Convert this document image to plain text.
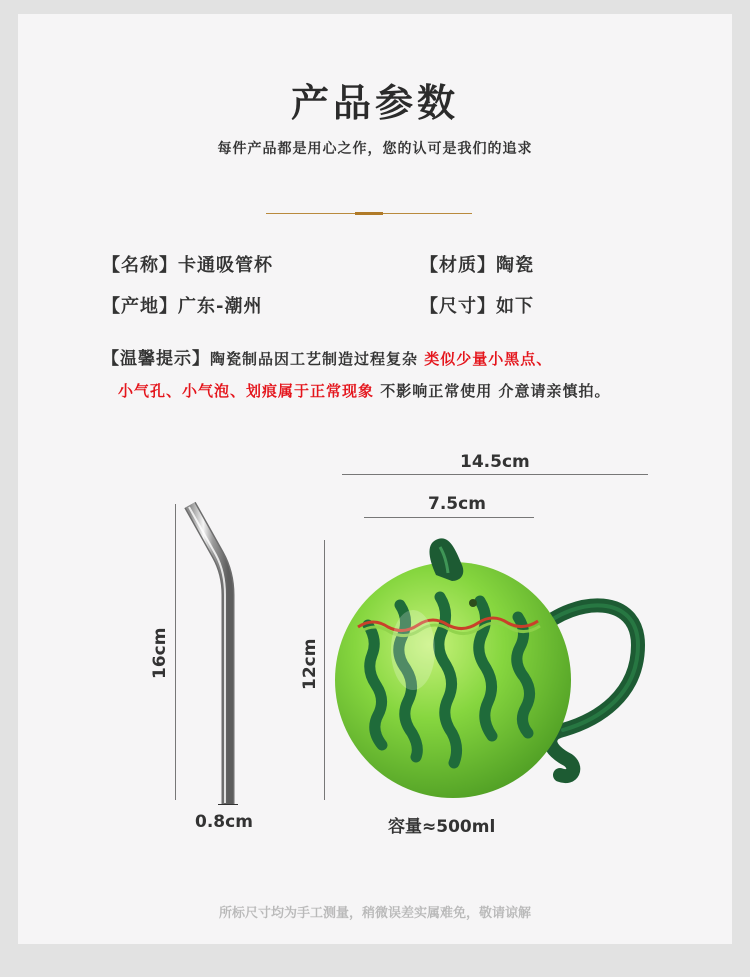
产品参数
每件产品都是用心之作，您的认可是我们的追求
【名称】卡通吸管杯	【材质】陶瓷
【产地】广东-潮州	【尺寸】如下
【温馨提示】陶瓷制品因工艺制造过程复杂 类似少量小黑点、
小气孔、小气泡、划痕属于正常现象 不影响正常使用 介意请亲慎拍。
14.5cm
7.5cm
16cm	12cm
0.8cm	容量≈500ml
所标尺寸均为手工测量，稍微误差实属难免，敬请谅解
